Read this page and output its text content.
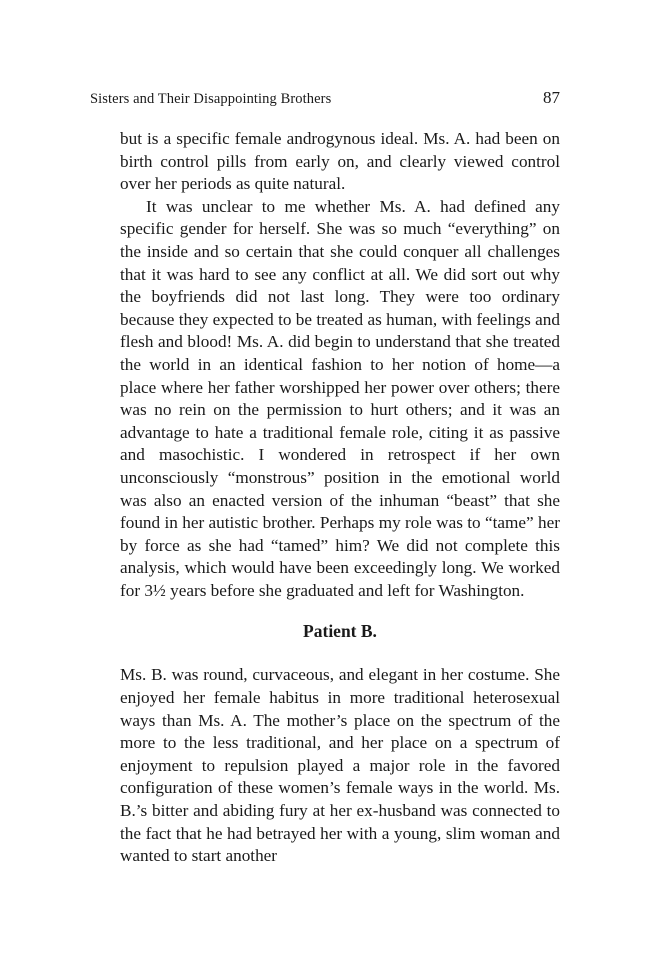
Sisters and Their Disappointing Brothers	87

but is a specific female androgynous ideal. Ms. A. had been on birth control pills from early on, and clearly viewed control over her periods as quite natural.

It was unclear to me whether Ms. A. had defined any specific gender for herself. She was so much “everything” on the inside and so certain that she could conquer all challenges that it was hard to see any conflict at all. We did sort out why the boyfriends did not last long. They were too ordinary because they expected to be treated as human, with feelings and flesh and blood! Ms. A. did begin to understand that she treated the world in an identical fashion to her notion of home—a place where her father worshipped her power over others; there was no rein on the permission to hurt others; and it was an advantage to hate a traditional female role, citing it as passive and masochistic. I wondered in retrospect if her own unconsciously “monstrous” position in the emotional world was also an enacted version of the inhuman “beast” that she found in her autistic brother. Perhaps my role was to “tame” her by force as she had “tamed” him? We did not complete this analysis, which would have been exceedingly long. We worked for 3½ years before she graduated and left for Washington.

Patient B.

Ms. B. was round, curvaceous, and elegant in her costume. She enjoyed her female habitus in more traditional heterosexual ways than Ms. A. The mother’s place on the spectrum of the more to the less traditional, and her place on a spectrum of enjoyment to repulsion played a major role in the favored configuration of these women’s female ways in the world. Ms. B.’s bitter and abiding fury at her ex-husband was connected to the fact that he had betrayed her with a young, slim woman and wanted to start another
